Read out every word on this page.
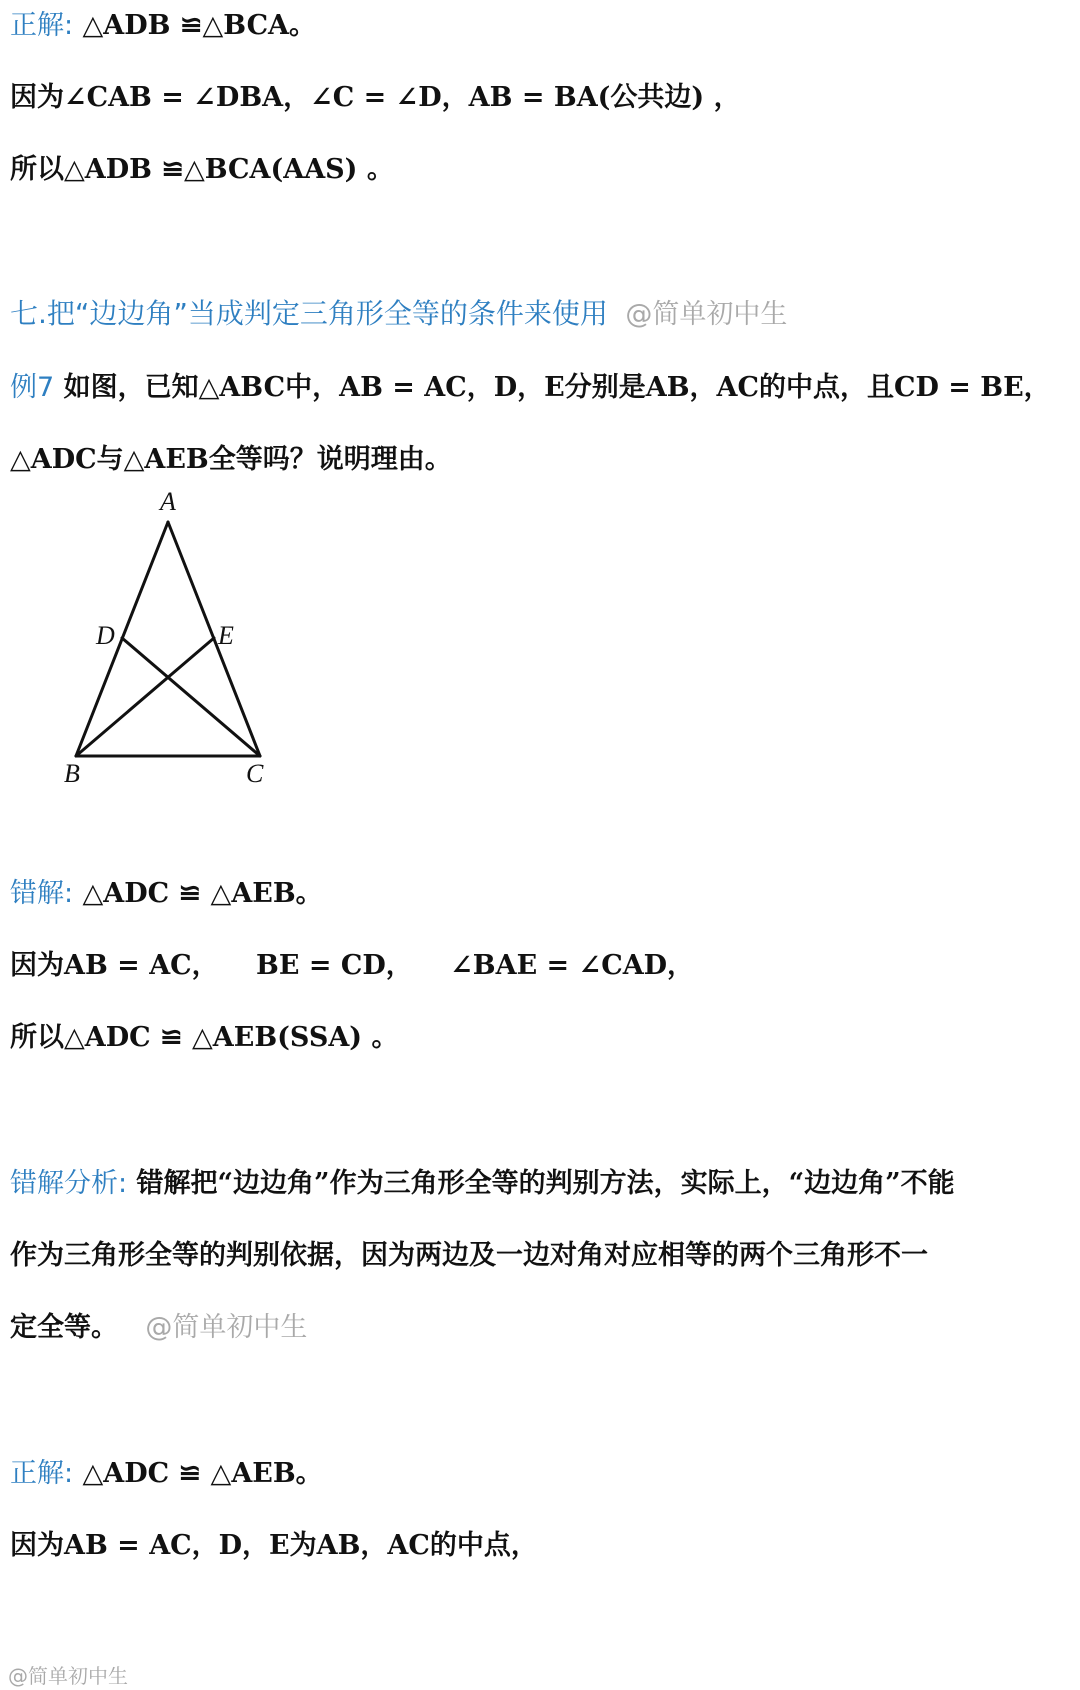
正解: △ADB ≌△BCA。
因为∠CAB = ∠DBA，∠C = ∠D，AB = BA(公共边) ，
所以△ADB ≌△BCA(AAS) 。
七.把“边边角”当成判定三角形全等的条件来使用 @简单初中生
例7 如图，已知△ABC中，AB = AC，D，E分别是AB，AC的中点，且CD = BE，
△ADC与△AEB全等吗？说明理由。
A
D	E
B	C
错解: △ADC ≌ △AEB。
因为AB = AC， BE = CD， ∠BAE = ∠CAD，
所以△ADC ≌ △AEB(SSA) 。
错解分析: 错解把“边边角”作为三角形全等的判别方法，实际上，“边边角”不能
作为三角形全等的判别依据，因为两边及一边对角对应相等的两个三角形不一
定全等。 @简单初中生
正解: △ADC ≌ △AEB。
因为AB = AC，D，E为AB，AC的中点，
@简单初中生
